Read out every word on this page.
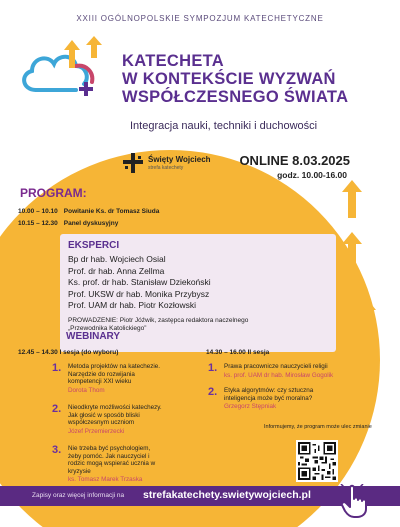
XXIII OGÓLNOPOLSKIE SYMPOZJUM KATECHETYCZNE
KATECHETA
W KONTEKŚCIE WYZWAŃ
WSPÓŁCZESNEGO ŚWIATA
Integracja nauki, techniki i duchowości
Święty Wojciech
strefa katechety	ONLINE 8.03.2025
godz. 10.00-16.00
PROGRAM:
10.00 – 10.10 Powitanie Ks. dr Tomasz Siuda
10.15 – 12.30 Panel dyskusyjny
EKSPERCI
Bp dr hab. Wojciech Osial
Prof. dr hab. Anna Zellma
Ks. prof. dr hab. Stanisław Dziekoński
Prof. UKSW dr hab. Monika Przybysz
Prof. UAM dr hab. Piotr Kozłowski
PROWADZENIE: Piotr Jóźwik, zastępca redaktora naczelnego
„Przewodnika Katolickiego”
WEBINARY
12.45 – 14.30 I sesja (do wyboru)	14.30 – 16.00 II sesja
1. Metoda projektów na katechezie. Narzędzie do rozwijania kompetencji XXI wieku
Dorota Thom
2. Nieodkryte możliwości katechezy. Jak głosić w sposób bliski współczesnym uczniom
Józef Przemierzecki
3. Nie trzeba być psychologiem, żeby pomóc. Jak nauczyciel i rodzic mogą wspierać ucznia w kryzysie
ks. Tomasz Marek Trzaska
1. Prawa pracownicze nauczycieli religii
ks. prof. UAM dr hab. Mirosław Gogolik
2. Etyka algorytmów: czy sztuczna inteligencja może być moralna?
Grzegorz Stępniak
Informujemy, że program może ulec zmianie
Zapisy oraz więcej informacji na strefakatechety.swietywojciech.pl
